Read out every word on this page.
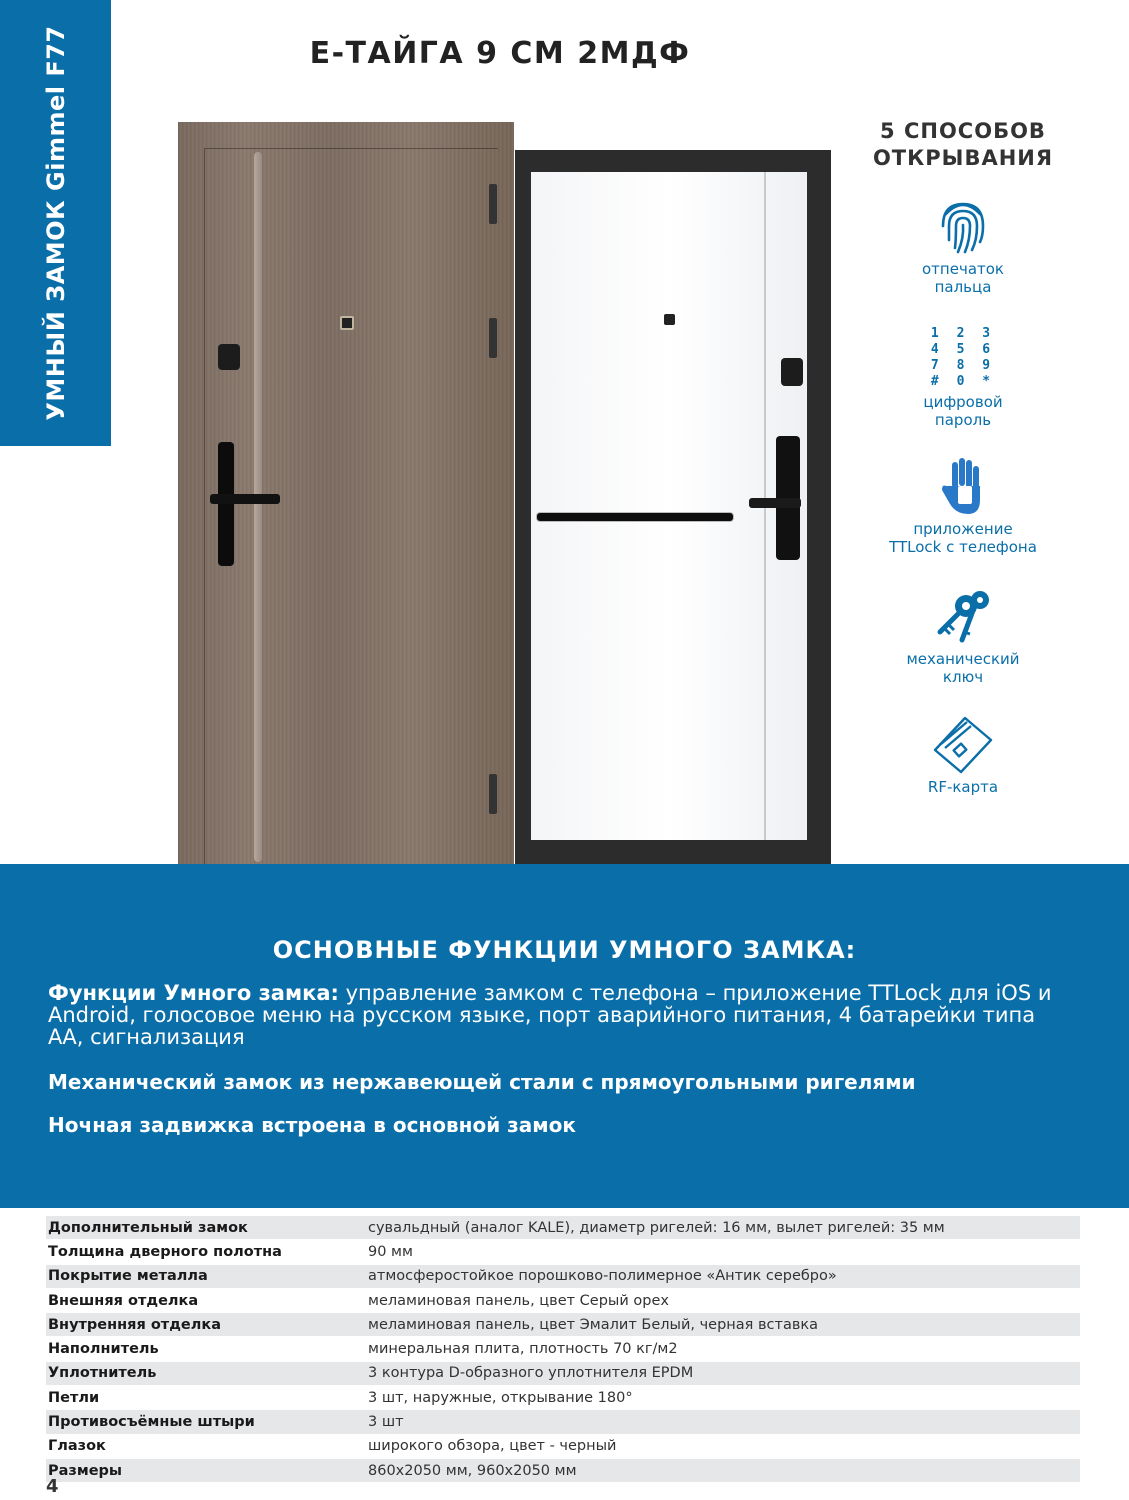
УМНЫЙ ЗАМОК Gimmel F77	E-ТАЙГА 9 СМ 2МДФ
5 СПОСОБОВ
ОТКРЫВАНИЯ
отпечаток
пальца
1 2 3
4 5 6
7 8 9
# 0 *
цифровой
пароль
приложение
TTLock с телефона
механический
ключ
RF-карта
ОСНОВНЫЕ ФУНКЦИИ УМНОГО ЗАМКА:

Функции Умного замка: управление замком с телефона – приложение TTLock для iOS и Android, голосовое меню на русском языке, порт аварийного питания, 4 батарейки типа АА, сигнализация

Механический замок из нержавеющей стали с прямоугольными ригелями

Ночная задвижка встроена в основной замок

Дополнительный замок	сувальдный (аналог KALE), диаметр ригелей: 16 мм, вылет ригелей: 35 мм
Толщина дверного полотна	90 мм
Покрытие металла	атмосферостойкое порошково-полимерное «Антик серебро»
Внешняя отделка	меламиновая панель, цвет Серый орех
Внутренняя отделка	меламиновая панель, цвет Эмалит Белый, черная вставка
Наполнитель	минеральная плита, плотность 70 кг/м2
Уплотнитель	3 контура D-образного уплотнителя EPDM
Петли	3 шт, наружные, открывание 180°
Противосъёмные штыри	3 шт
Глазок	широкого обзора, цвет - черный
Размеры	860x2050 мм, 960x2050 мм
4
